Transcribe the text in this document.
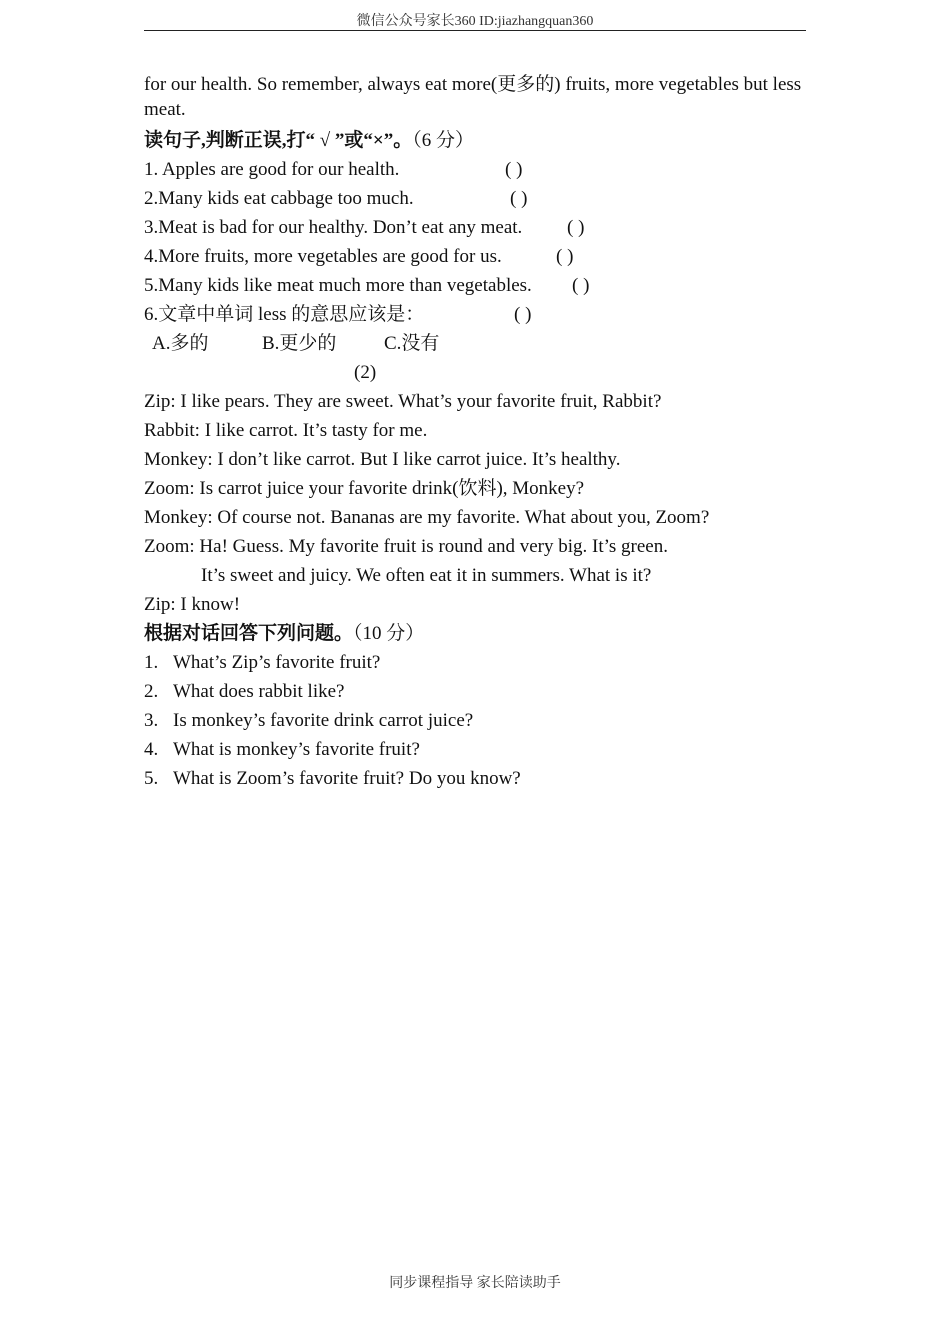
微信公众号家长360 ID:jiazhangquan360
for our health. So remember, always eat more(更多的) fruits, more vegetables but less meat.
读句子,判断正误,打“ √ ”或“×”。（6 分）
1. Apples are good for our health.	( )
2.Many kids eat cabbage too much.	( )
3.Meat is bad for our healthy. Don’t eat any meat. ( )
4.More fruits, more vegetables are good for us.	( )
5.Many kids like meat much more than vegetables. ( )
6.文章中单词 less 的意思应该是：	( )
A.多的	B.更少的	C.没有
(2)
Zip: I like pears. They are sweet. What’s your favorite fruit, Rabbit?
Rabbit: I like carrot. It’s tasty for me.
Monkey: I don’t like carrot. But I like carrot juice. It’s healthy.
Zoom: Is carrot juice your favorite drink(饮料), Monkey?
Monkey: Of course not. Bananas are my favorite. What about you, Zoom?
Zoom: Ha! Guess. My favorite fruit is round and very big. It’s green.
It’s sweet and juicy. We often eat it in summers. What is it?
Zip: I know!
根据对话回答下列问题。（10 分）
1. What’s Zip’s favorite fruit?
2. What does rabbit like?
3. Is monkey’s favorite drink carrot juice?
4. What is monkey’s favorite fruit?
5. What is Zoom’s favorite fruit? Do you know?
同步课程指导 家长陪读助手
